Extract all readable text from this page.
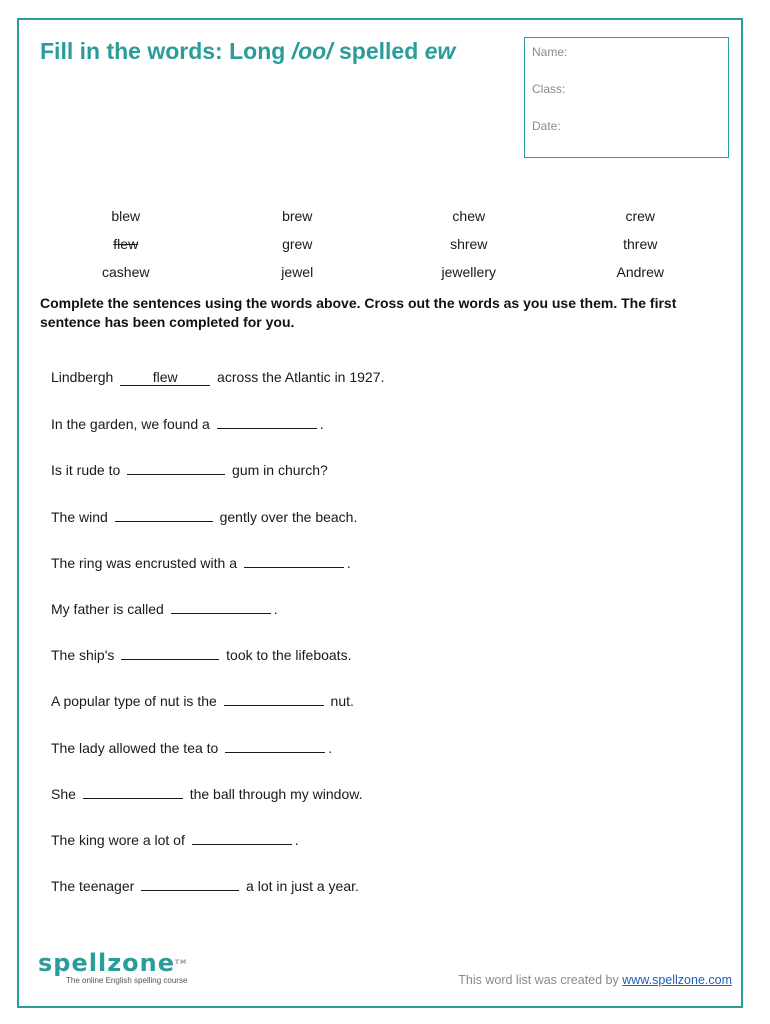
Fill in the words: Long /oo/ spelled ew	Name:
Class:
Date:
blew	brew	chew	crew
flew	grew	shrew	threw
cashew	jewel	jewellery	Andrew

Complete the sentences using the words above. Cross out the words as you use them. The first sentence has been completed for you.

Lindbergh	flew	across the Atlantic in 1927.
In the garden, we found a	.
Is it rude to	gum in church?
The wind	gently over the beach.
The ring was encrusted with a	.
My father is called	.
The ship's	took to the lifeboats.
A popular type of nut is the	nut.
The lady allowed the tea to	.
She	the ball through my window.
The king wore a lot of	.
The teenager	a lot in just a year.
spellzone™
The online English spelling course	This word list was created by www.spellzone.com
